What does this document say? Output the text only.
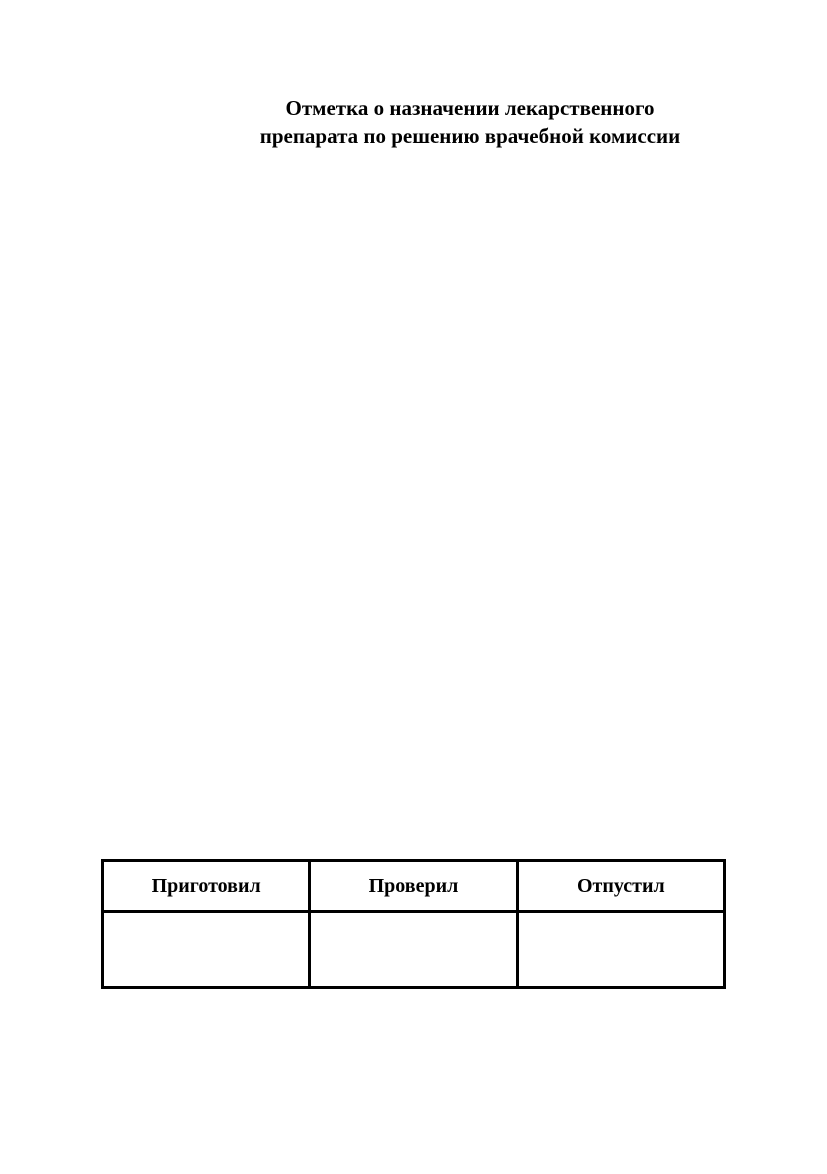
Отметка о назначении лекарственного
препарата по решению врачебной комиссии
Приготовил	Проверил	Отпустил
